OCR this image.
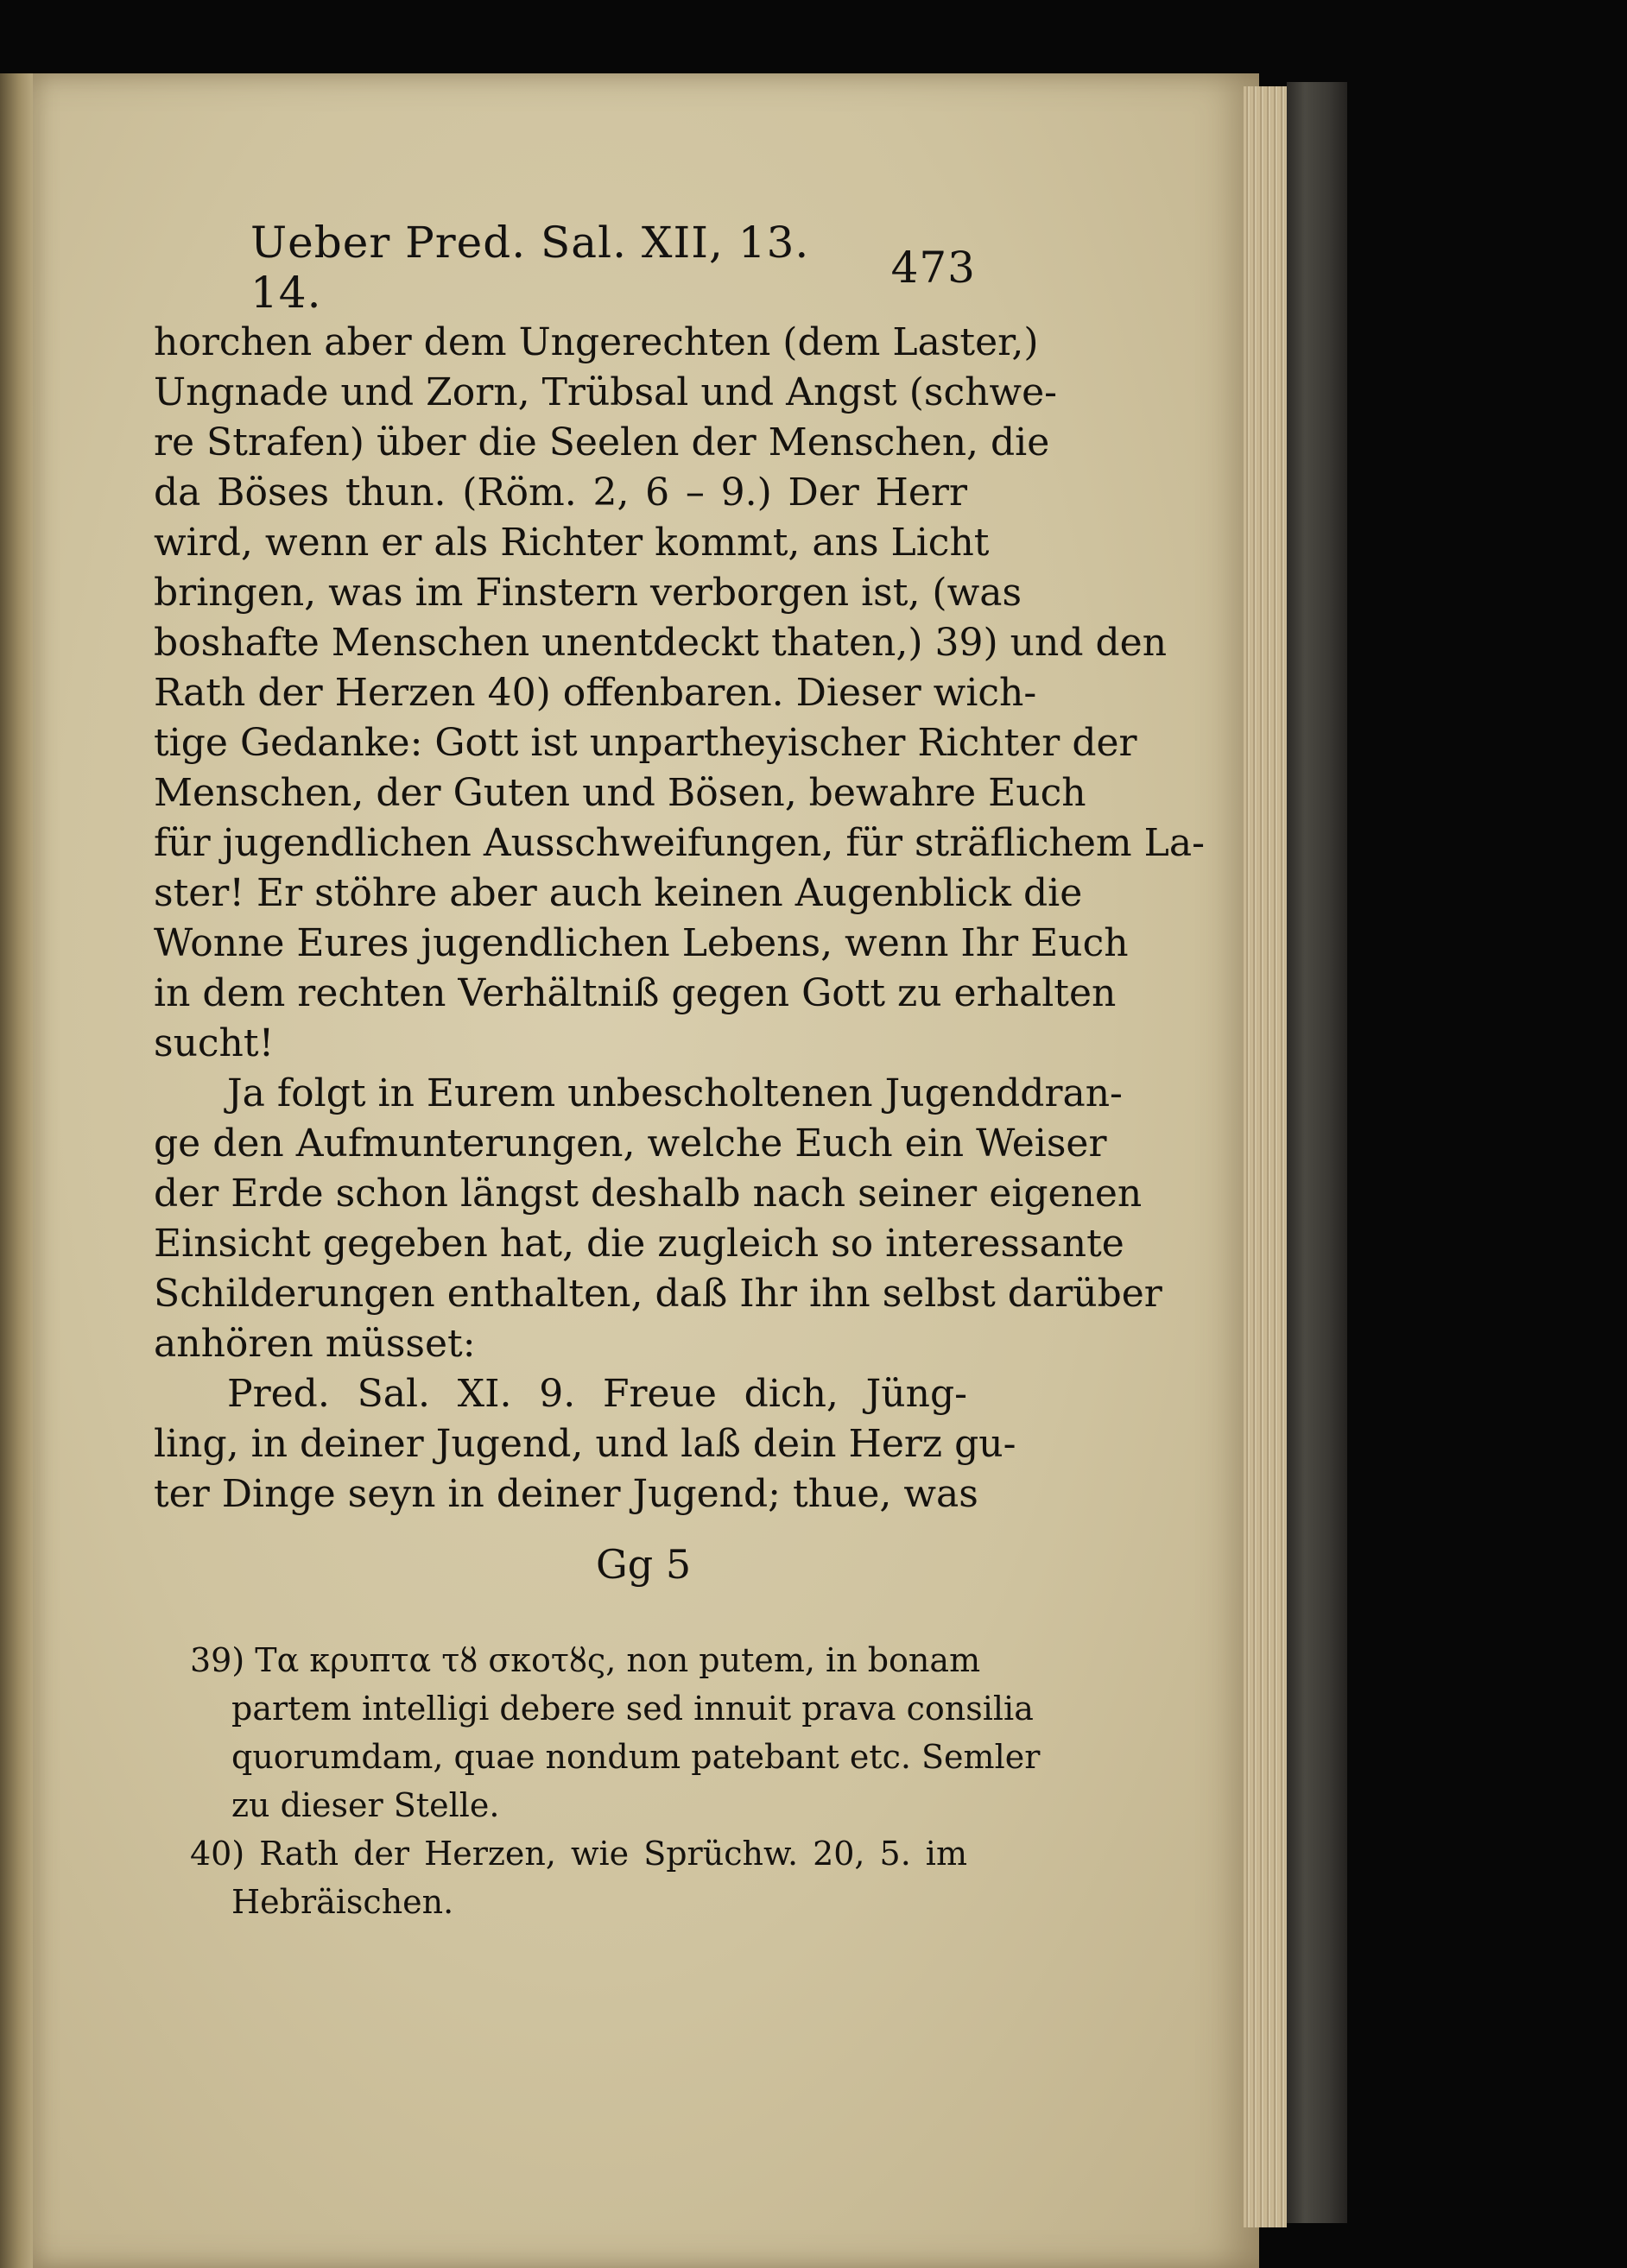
Ueber Pred. Sal. XII, 13. 14.	473
horchen aber dem Ungerechten (dem Laster,)
Ungnade und Zorn, Trübsal und Angst (schwe-
re Strafen) über die Seelen der Menschen, die
da Böses thun. (Röm. 2, 6 – 9.) Der Herr
wird, wenn er als Richter kommt, ans Licht
bringen, was im Finstern verborgen ist, (was
boshafte Menschen unentdeckt thaten,) 39) und den
Rath der Herzen 40) offenbaren. Dieser wich-
tige Gedanke: Gott ist unpartheyischer Richter der
Menschen, der Guten und Bösen, bewahre Euch
für jugendlichen Ausschweifungen, für sträflichem La-
ster! Er stöhre aber auch keinen Augenblick die
Wonne Eures jugendlichen Lebens, wenn Ihr Euch
in dem rechten Verhältniß gegen Gott zu erhalten
sucht!
Ja folgt in Eurem unbescholtenen Jugenddran-
ge den Aufmunterungen, welche Euch ein Weiser
der Erde schon längst deshalb nach seiner eigenen
Einsicht gegeben hat, die zugleich so interessante
Schilderungen enthalten, daß Ihr ihn selbst darüber
anhören müsset:
Pred. Sal. XI. 9. Freue dich, Jüng-
ling, in deiner Jugend, und laß dein Herz gu-
ter Dinge seyn in deiner Jugend; thue, was
Gg 5
39) Τα κρυπτα τȣ σκοτȣς, non putem, in bonam
partem intelligi debere sed innuit prava consilia
quorumdam, quae nondum patebant etc. Semler
zu dieser Stelle.
40) Rath der Herzen, wie Sprüchw. 20, 5. im
Hebräischen.
